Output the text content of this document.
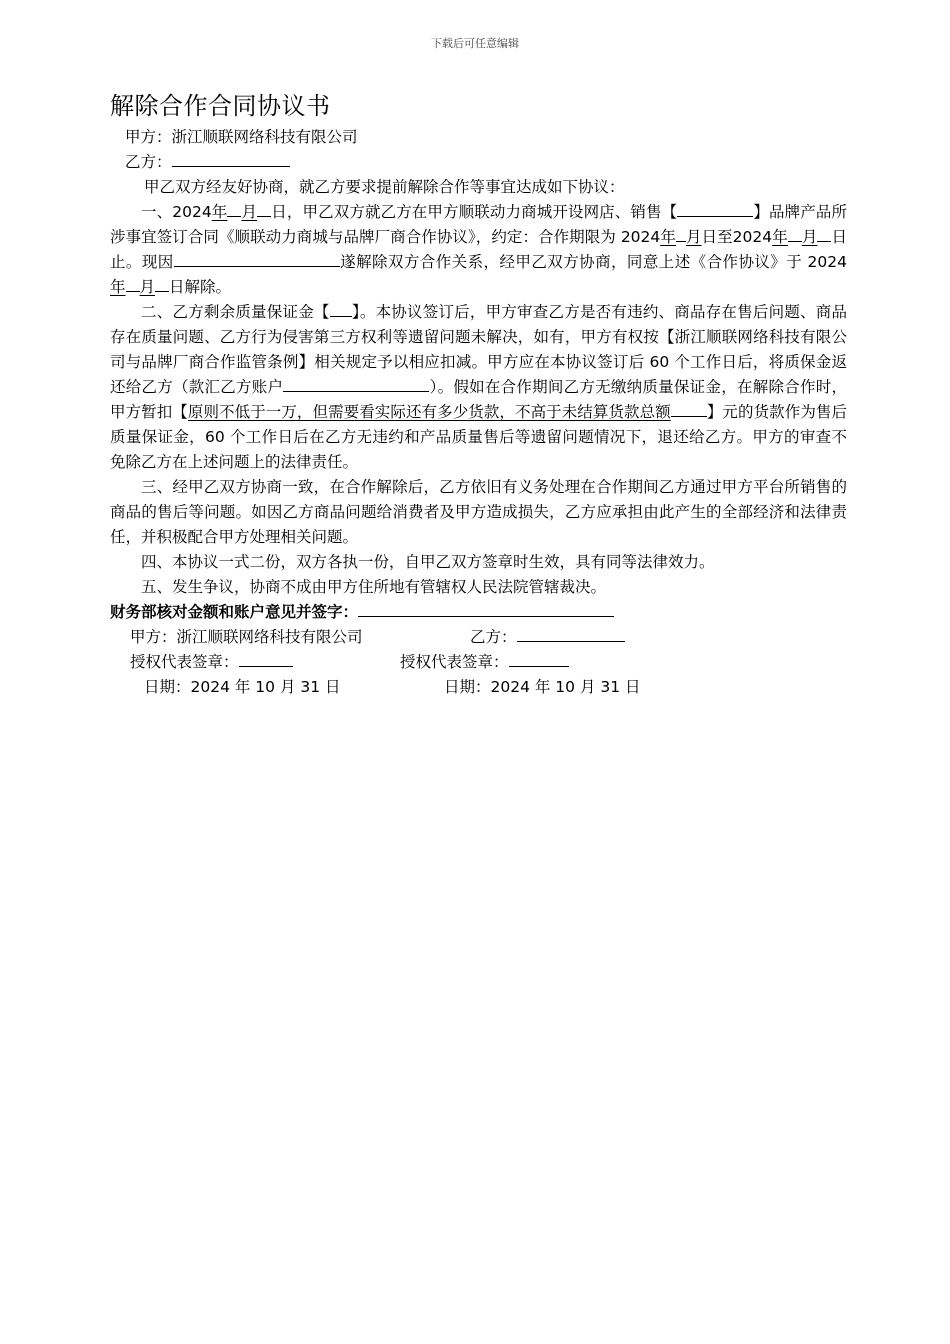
下载后可任意编辑
解除合作合同协议书

甲方：浙江顺联网络科技有限公司

乙方：

甲乙双方经友好协商，就乙方要求提前解除合作等事宜达成如下协议：

一、2024年 月 日，甲乙双方就乙方在甲方顺联动力商城开设网店、销售【	】品牌产品所涉事宜签订合同《顺联动力商城与品牌厂商合作协议》，约定：合作期限为 2024年 月日至2024年 月 日止。现因	遂解除双方合作关系，经甲乙双方协商，同意上述《合作协议》于 2024年 月 日解除。

二、乙方剩余质量保证金【 】。本协议签订后，甲方审查乙方是否有违约、商品存在售后问题、商品存在质量问题、乙方行为侵害第三方权利等遗留问题未解决，如有，甲方有权按【浙江顺联网络科技有限公司与品牌厂商合作监管条例】相关规定予以相应扣减。甲方应在本协议签订后 60 个工作日后，将质保金返还给乙方（款汇乙方账户	）。假如在合作期间乙方无缴纳质量保证金，在解除合作时，甲方暂扣【原则不低于一万，但需要看实际还有多少货款，不高于未结算货款总额 】元的货款作为售后质量保证金，60 个工作日后在乙方无违约和产品质量售后等遗留问题情况下，退还给乙方。甲方的审查不免除乙方在上述问题上的法律责任。

三、经甲乙双方协商一致，在合作解除后，乙方依旧有义务处理在合作期间乙方通过甲方平台所销售的商品的售后等问题。如因乙方商品问题给消费者及甲方造成损失，乙方应承担由此产生的全部经济和法律责任，并积极配合甲方处理相关问题。

四、本协议一式二份，双方各执一份，自甲乙双方签章时生效，具有同等法律效力。

五、发生争议，协商不成由甲方住所地有管辖权人民法院管辖裁决。

财务部核对金额和账户意见并签字：

甲方：浙江顺联网络科技有限公司	乙方：
授权代表签章：	授权代表签章：
日期：2024 年 10 月 31 日	日期：2024 年 10 月 31 日
